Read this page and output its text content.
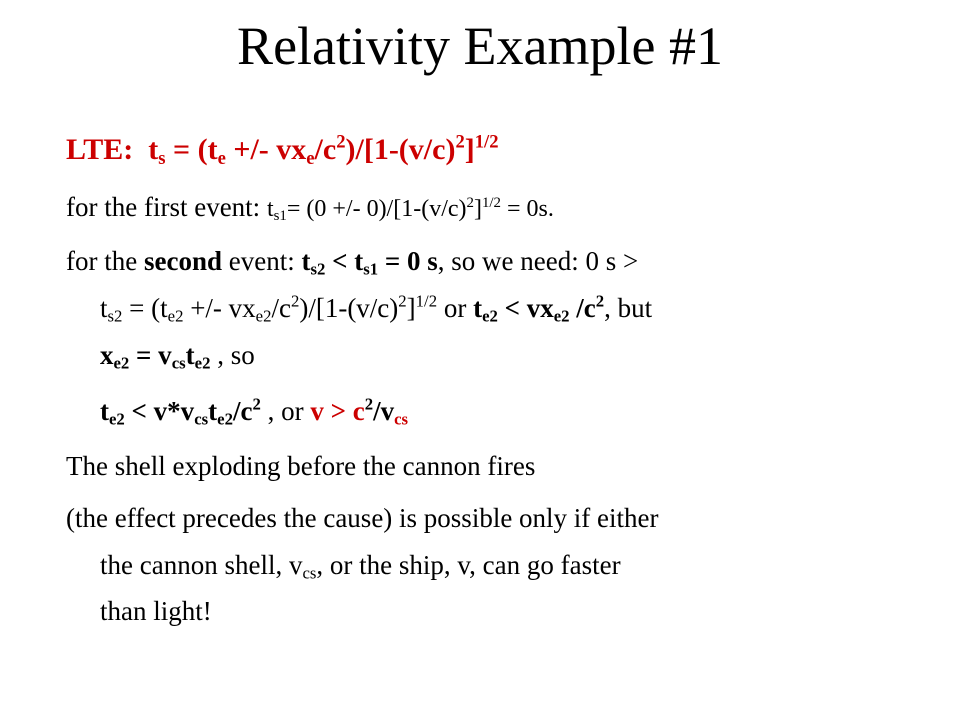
Relativity Example #1
LTE: $t_s = (t_e$ +/- $vx_e/c^2)/[1-(v/c)^2]^{1/2}$
for the first event: $t_{s1}= (0$ +/- $0)/[1-(v/c)^2]^{1/2} = 0s$.
for the second event: $t_{s2} < t_{s1} = 0$ s, so we need: 0 s >
$t_{s2} = (t_{e2}$ +/- $vx_{e2}/c^2)/[1-(v/c)^2]^{1/2}$ or $t_{e2} < vx_{e2}$ $/c^2$, but
$x_{e2} = v_{cs}t_{e2}$ , so
$t_{e2} < v*v_{cs}t_{e2}/c^2$ , or $v > c^2/v_{cs}$
The shell exploding before the cannon fires
(the effect precedes the cause) is possible only if either
the cannon shell, $v_{cs}$, or the ship, v, can go faster
than light!
